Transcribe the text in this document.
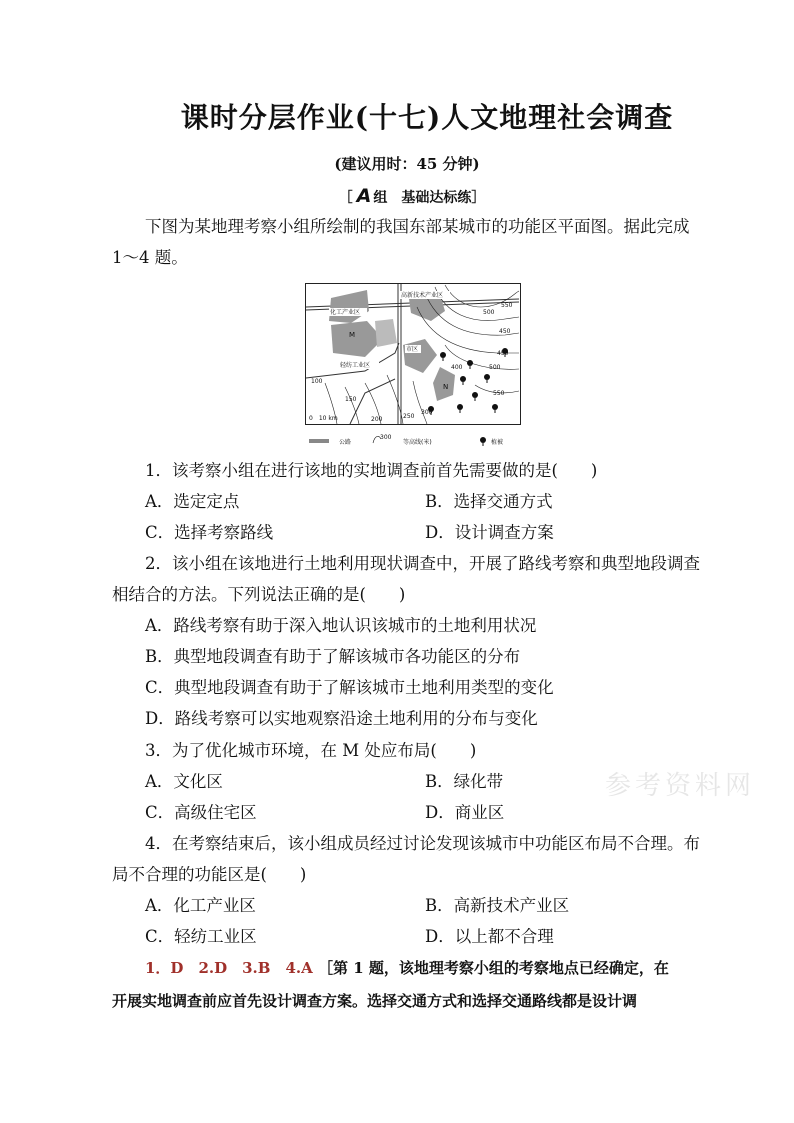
课时分层作业(十七)人文地理社会调查
(建议用时：45 分钟)
［ A 组　基础达标练］
下图为某地理考察小组所绘制的我国东部某城市的功能区平面图。据此完成
1～4 题。
化工产业区
高新技术产业区
市区
轻纺工业区
M
N
550
500
450
450
400	500
550
300
250
200
150
100
0　10 km
公路
300
等高线(米)	植被
1．该考察小组在进行该地的实地调查前首先需要做的是(　　)
A．选定定点	B．选择交通方式
C．选择考察路线	D．设计调查方案
2．该小组在该地进行土地利用现状调查中，开展了路线考察和典型地段调查
相结合的方法。下列说法正确的是(　　)
A．路线考察有助于深入地认识该城市的土地利用状况
B．典型地段调查有助于了解该城市各功能区的分布
C．典型地段调查有助于了解该城市土地利用类型的变化
D．路线考察可以实地观察沿途土地利用的分布与变化
3．为了优化城市环境，在 M 处应布局(　　)
A．文化区	B．绿化带
C．高级住宅区	D．商业区
4．在考察结束后，该小组成员经过讨论发现该城市中功能区布局不合理。布
局不合理的功能区是(　　)
A．化工产业区	B．高新技术产业区
C．轻纺工业区	D．以上都不合理
1．D　2.D　3.B　4.A ［第 1 题，该地理考察小组的考察地点已经确定，在
开展实地调查前应首先设计调查方案。选择交通方式和选择交通路线都是设计调
参考资料网
